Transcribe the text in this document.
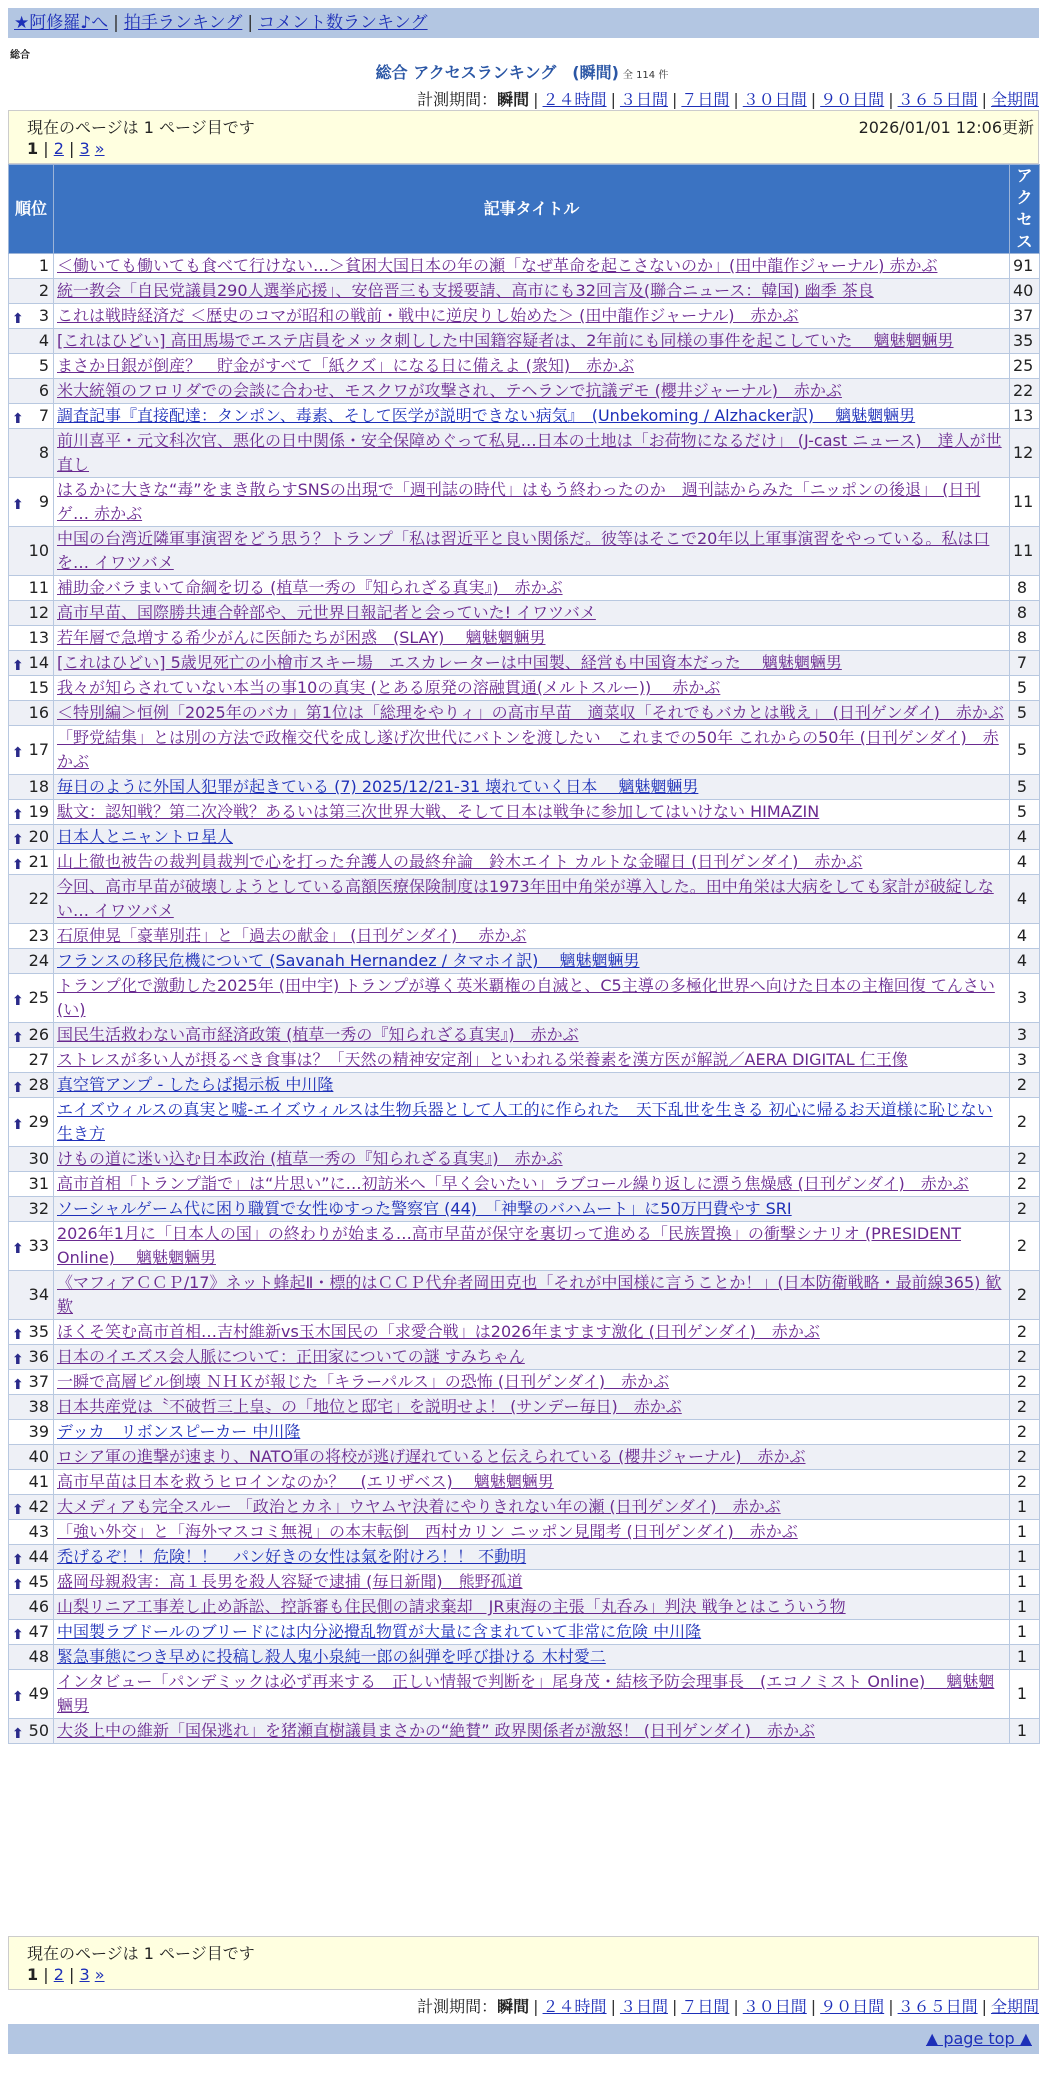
★阿修羅♪へ | 拍手ランキング | コメント数ランキング
総合
総合 アクセスランキング　(瞬間) 全 114 件
計測期間：瞬間 | ２４時間 | ３日間 | ７日間 | ３０日間 | ９０日間 | ３６５日間 | 全期間
現在のページは 1 ページ目です	2026/01/01 12:06更新
1 | 2 | 3 »
順位	記事タイトル	アクセス
1	＜働いても働いても食べて行けない…＞貧困大国日本の年の瀬「なぜ革命を起こさないのか」(田中龍作ジャーナル) 赤かぶ	91
2	統一教会「自民党議員290人選挙応援」、安倍晋三も支援要請、高市にも32回言及(聯合ニュース：韓国) 幽季 茶良	40

⬆ 3	これは戦時経済だ ＜歴史のコマが昭和の戦前・戦中に逆戻りし始めた＞ (田中龍作ジャーナル)　赤かぶ	37
4	[これはひどい] 高田馬場でエステ店員をメッタ刺しした中国籍容疑者は、2年前にも同様の事件を起こしていた　 魑魅魍魎男	35
5	まさか日銀が倒産？　貯金がすべて「紙クズ」になる日に備えよ (衆知)　赤かぶ	25
6	米大統領のフロリダでの会談に合わせ、モスクワが攻撃され、テヘランで抗議デモ (櫻井ジャーナル)　赤かぶ	22

⬆ 7	調査記事『直接配達：タンポン、毒素、そして医学が説明できない病気』　(Unbekoming / Alzhacker訳)　 魑魅魍魎男	13
8	前川喜平・元文科次官、悪化の日中関係・安全保障めぐって私見…日本の土地は「お荷物になるだけ」 (J-cast ニュース)　達人が世直し	12

⬆ 9	はるかに大きな“毒”をまき散らすSNSの出現で「週刊誌の時代」はもう終わったのか　週刊誌からみた「ニッポンの後退」 (日刊ゲ… 赤かぶ	11
10	中国の台湾近隣軍事演習をどう思う？トランプ「私は習近平と良い関係だ。彼等はそこで20年以上軍事演習をやっている。私は口を… イワツバメ	11
11	補助金バラまいて命綱を切る (植草一秀の『知られざる真実』)　赤かぶ	8
12	高市早苗、国際勝共連合幹部や、元世界日報記者と会っていた! イワツバメ	8
13	若年層で急増する希少がんに医師たちが困惑　(SLAY)　 魑魅魍魎男	8

⬆ 14	[これはひどい] 5歳児死亡の小檜市スキー場　エスカレーターは中国製、経営も中国資本だった　 魑魅魍魎男	7
15	我々が知らされていない本当の事10の真実 (とある原発の溶融貫通(メルトスルー))　 赤かぶ	5
16	＜特別編＞恒例「2025年のバカ」第1位は「総理をやりィ」の高市早苗　適菜収「それでもバカとは戦え」 (日刊ゲンダイ)　赤かぶ	5

⬆ 17	「野党結集」とは別の方法で政権交代を成し遂げ次世代にバトンを渡したい　これまでの50年 これからの50年 (日刊ゲンダイ)　赤かぶ	5
18	毎日のように外国人犯罪が起きている (7) 2025/12/21-31 壊れていく日本　 魑魅魍魎男	5

⬆ 19	駄文：認知戦？第二次冷戦？あるいは第三次世界大戦、そして日本は戦争に参加してはいけない HIMAZIN	5

⬆ 20	日本人とニャントロ星人	4

⬆ 21	山上徹也被告の裁判員裁判で心を打った弁護人の最終弁論　鈴木エイト カルトな金曜日 (日刊ゲンダイ)　赤かぶ	4
22	今回、高市早苗が破壊しようとしている高額医療保険制度は1973年田中角栄が導入した。田中角栄は大病をしても家計が破綻しない… イワツバメ	4
23	石原伸晃「豪華別荘」と「過去の献金」 (日刊ゲンダイ)　 赤かぶ	4
24	フランスの移民危機について (Savanah Hernandez / タマホイ訳)　 魑魅魍魎男	4

⬆ 25	トランプ化で激動した2025年 (田中宇) トランプが導く英米覇権の自滅と、C5主導の多極化世界へ向けた日本の主権回復 てんさい (い)	3

⬆ 26	国民生活救わない高市経済政策 (植草一秀の『知られざる真実』)　赤かぶ	3
27	ストレスが多い人が摂るべき食事は？「天然の精神安定剤」といわれる栄養素を漢方医が解説／AERA DIGITAL 仁王像	3

⬆ 28	真空管アンプ - したらば掲示板 中川隆	2

⬆ 29	エイズウィルスの真実と嘘-エイズウィルスは生物兵器として人工的に作られた　天下乱世を生きる 初心に帰るお天道様に恥じない生き方	2
30	けもの道に迷い込む日本政治 (植草一秀の『知られざる真実』)　赤かぶ	2
31	高市首相「トランプ詣で」は“片思い”に…初訪米へ「早く会いたい」ラブコール繰り返しに漂う焦燥感 (日刊ゲンダイ)　赤かぶ	2
32	ソーシャルゲーム代に困り職質で女性ゆすった警察官 (44)　「神撃のバハムート」に50万円費やす SRI	2

⬆ 33	2026年1月に「日本人の国」の終わりが始まる…高市早苗が保守を裏切って進める「民族置換」の衝撃シナリオ (PRESIDENT Online)　 魑魅魍魎男	2
34	《マフィアＣＣＰ/17》ネット蜂起Ⅱ・標的はＣＣＰ代弁者岡田克也「それが中国様に言うことか！」(日本防衛戦略・最前線365) 歓歎	2

⬆ 35	ほくそ笑む高市首相…吉村維新vs玉木国民の「求愛合戦」は2026年ますます激化 (日刊ゲンダイ)　赤かぶ	2

⬆ 36	日本のイエズス会人脈について：正田家についての謎 すみちゃん	2

⬆ 37	一瞬で高層ビル倒壊 ＮＨＫが報じた「キラーパルス」の恐怖 (日刊ゲンダイ)　赤かぶ	2
38	日本共産党は〝不破哲三上皇〟の「地位と邸宅」を説明せよ！ (サンデー毎日)　赤かぶ	2
39	デッカ　リボンスピーカー 中川隆	2
40	ロシア軍の進撃が速まり、NATO軍の将校が逃げ遅れていると伝えられている (櫻井ジャーナル)　赤かぶ	2
41	高市早苗は日本を救うヒロインなのか？　(エリザベス)　 魑魅魍魎男	2

⬆ 42	大メディアも完全スルー 「政治とカネ」ウヤムヤ決着にやりきれない年の瀬 (日刊ゲンダイ)　赤かぶ	1
43	「強い外交」と「海外マスコミ無視」の本末転倒　西村カリン ニッポン見聞考 (日刊ゲンダイ)　赤かぶ	1

⬆ 44	禿げるぞ！！危険！！　パン好きの女性は氣を附けろ！！ 不動明	1

⬆ 45	盛岡母親殺害：高１長男を殺人容疑で逮捕 (毎日新聞)　熊野孤道	1
46	山梨リニア工事差し止め訴訟、控訴審も住民側の請求棄却　JR東海の主張「丸呑み」判決 戦争とはこういう物	1

⬆ 47	中国製ラブドールのブリードには内分泌攪乱物質が大量に含まれていて非常に危険 中川隆	1
48	緊急事態につき早めに投稿し殺人鬼小泉純一郎の糾弾を呼び掛ける 木村愛二	1

⬆ 49	インタビュー「パンデミックは必ず再来する　正しい情報で判断を」尾身茂・結核予防会理事長　(エコノミスト Online)　 魑魅魍魎男	1

⬆ 50	大炎上中の維新「国保逃れ」を猪瀬直樹議員まさかの“絶賛” 政界関係者が激怒！ (日刊ゲンダイ)　赤かぶ	1
現在のページは 1 ページ目です
1 | 2 | 3 »
計測期間：瞬間 | ２４時間 | ３日間 | ７日間 | ３０日間 | ９０日間 | ３６５日間 | 全期間
▲ page top ▲
